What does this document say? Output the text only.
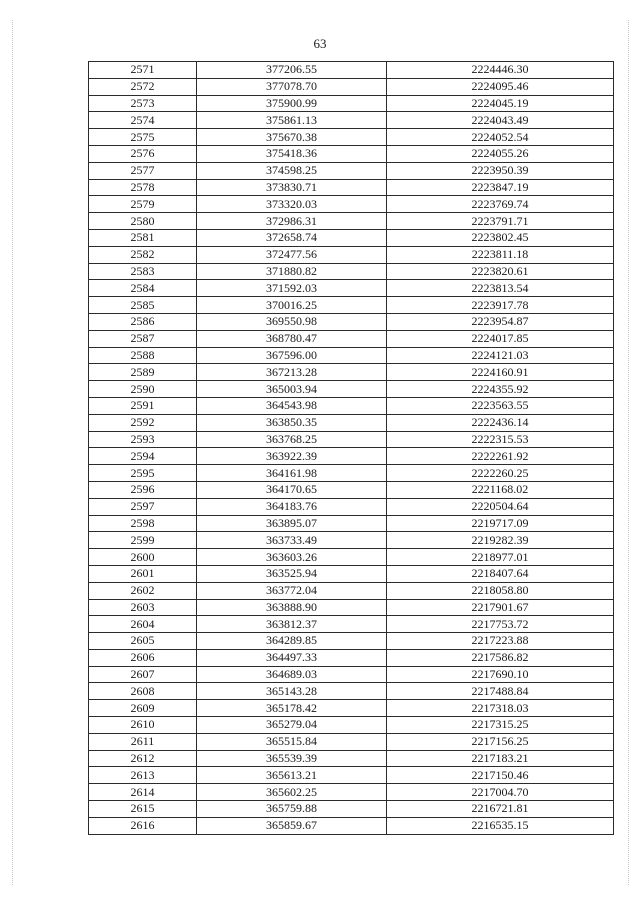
63
2571	377206.55	2224446.30
2572	377078.70	2224095.46
2573	375900.99	2224045.19
2574	375861.13	2224043.49
2575	375670.38	2224052.54
2576	375418.36	2224055.26
2577	374598.25	2223950.39
2578	373830.71	2223847.19
2579	373320.03	2223769.74
2580	372986.31	2223791.71
2581	372658.74	2223802.45
2582	372477.56	2223811.18
2583	371880.82	2223820.61
2584	371592.03	2223813.54
2585	370016.25	2223917.78
2586	369550.98	2223954.87
2587	368780.47	2224017.85
2588	367596.00	2224121.03
2589	367213.28	2224160.91
2590	365003.94	2224355.92
2591	364543.98	2223563.55
2592	363850.35	2222436.14
2593	363768.25	2222315.53
2594	363922.39	2222261.92
2595	364161.98	2222260.25
2596	364170.65	2221168.02
2597	364183.76	2220504.64
2598	363895.07	2219717.09
2599	363733.49	2219282.39
2600	363603.26	2218977.01
2601	363525.94	2218407.64
2602	363772.04	2218058.80
2603	363888.90	2217901.67
2604	363812.37	2217753.72
2605	364289.85	2217223.88
2606	364497.33	2217586.82
2607	364689.03	2217690.10
2608	365143.28	2217488.84
2609	365178.42	2217318.03
2610	365279.04	2217315.25
2611	365515.84	2217156.25
2612	365539.39	2217183.21
2613	365613.21	2217150.46
2614	365602.25	2217004.70
2615	365759.88	2216721.81
2616	365859.67	2216535.15
